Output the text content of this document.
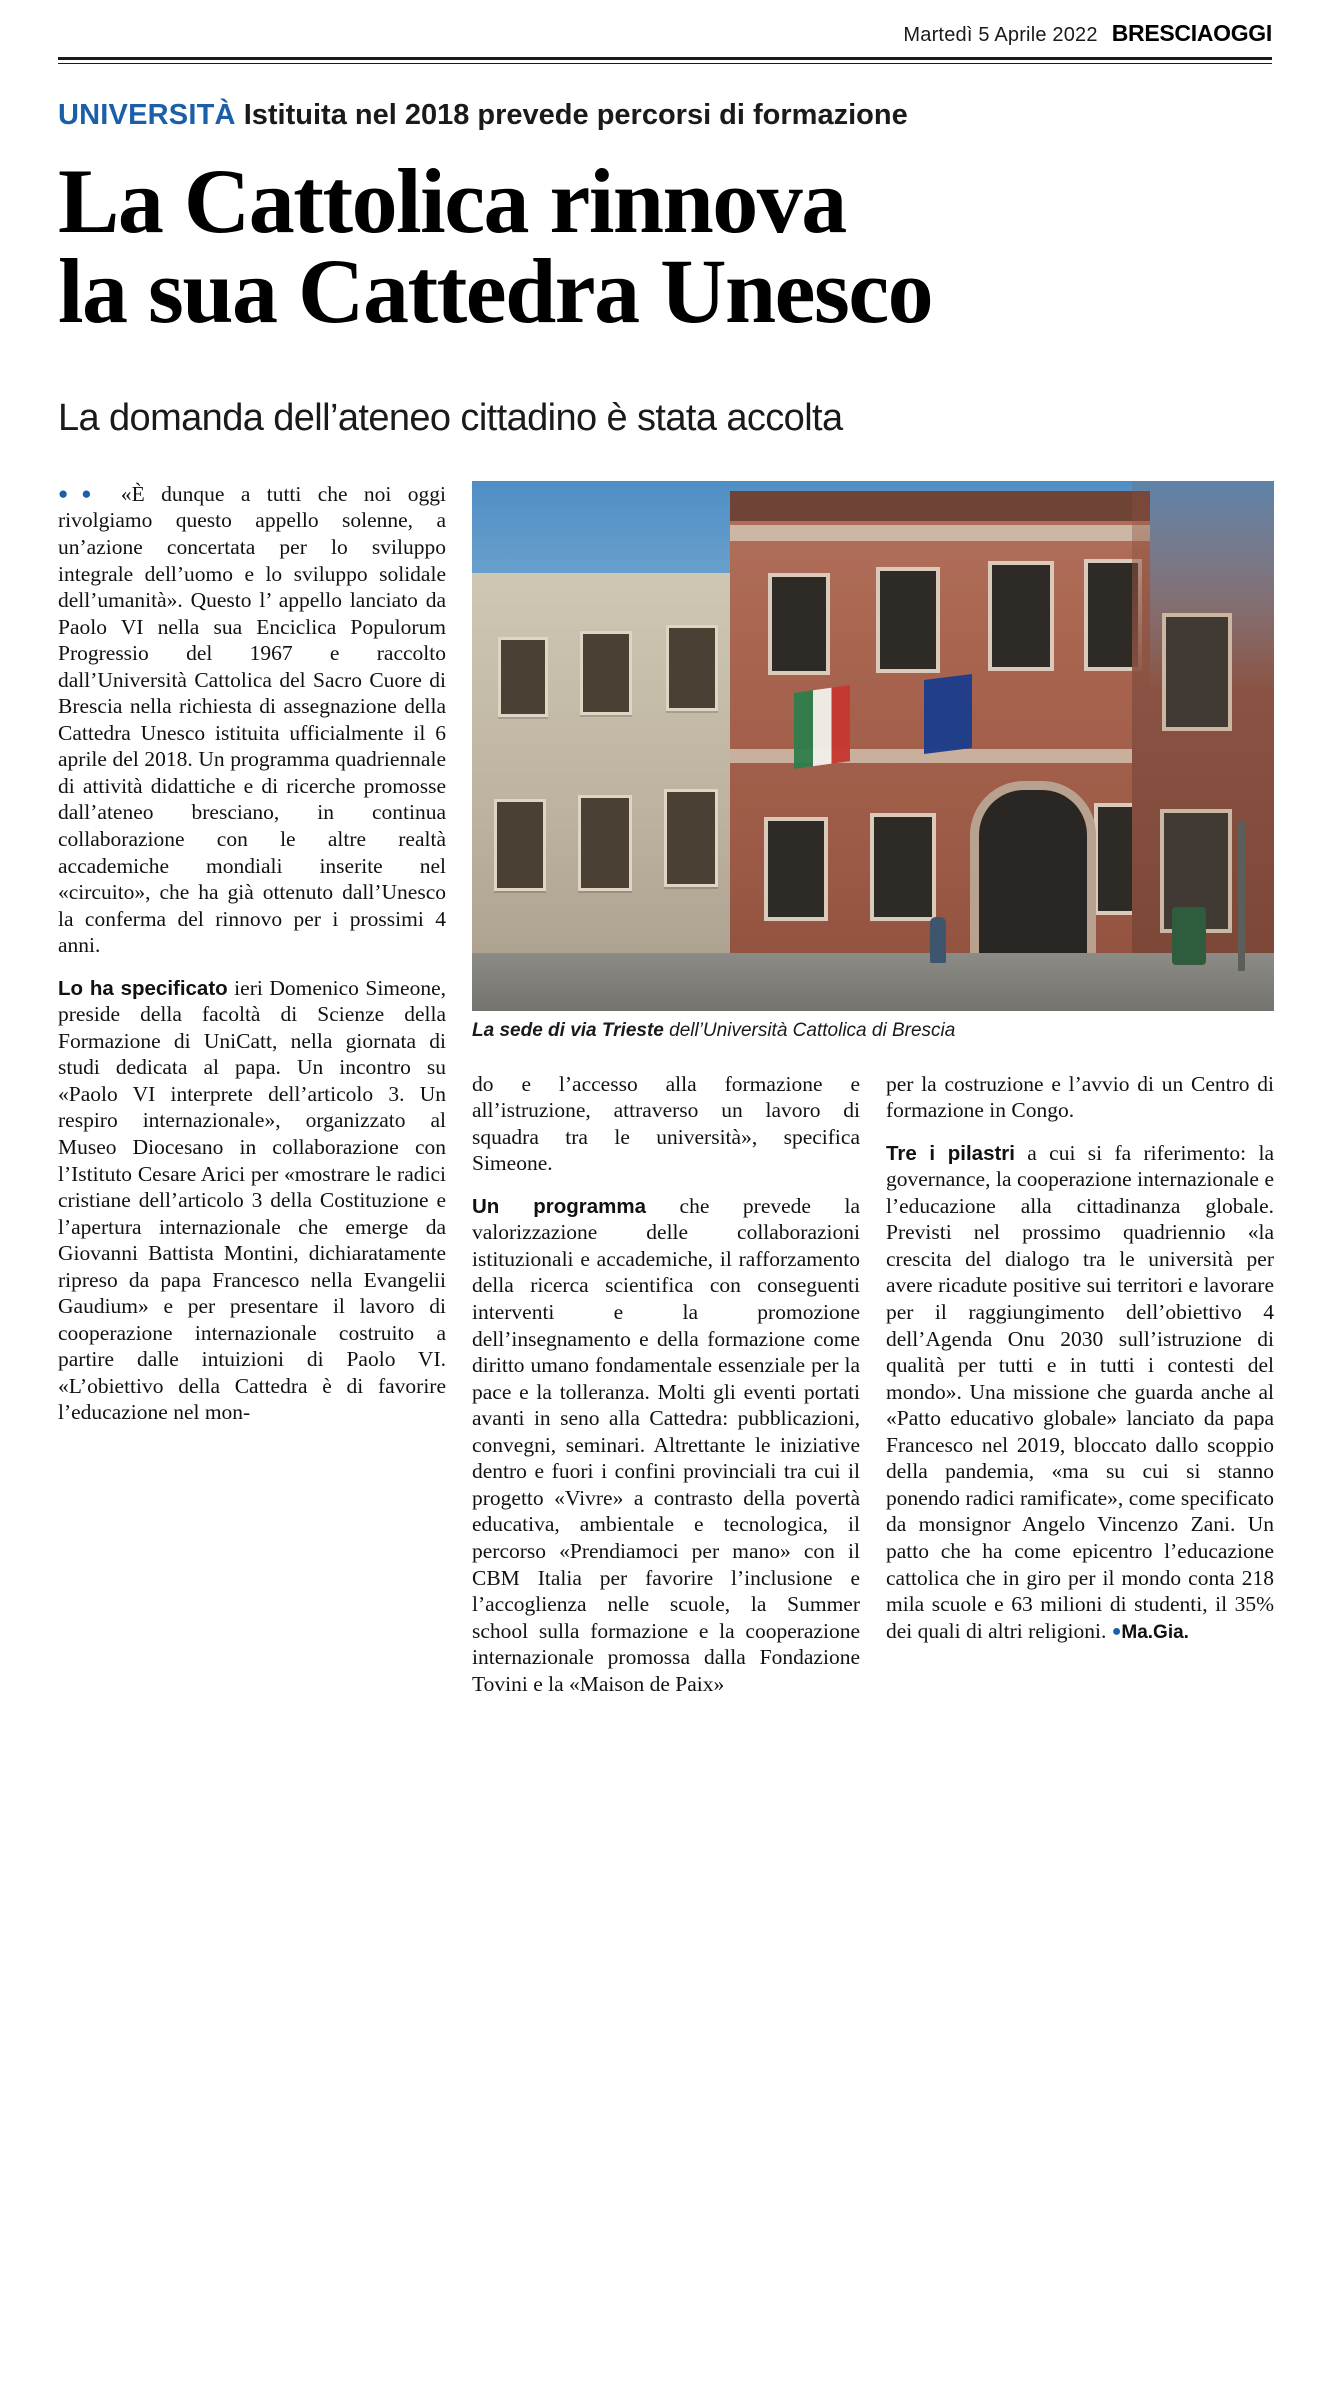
Martedì 5 Aprile 2022 BRESCIAOGGI
UNIVERSITÀ Istituita nel 2018 prevede percorsi di formazione
La Cattolica rinnova
la sua Cattedra Unesco
La domanda dell’ateneo cittadino è stata accolta

●● «È dunque a tutti che noi oggi rivolgiamo questo appello solenne, a un’azione concertata per lo sviluppo integrale dell’uomo e lo sviluppo solidale dell’umanità». Questo l’ appello lanciato da Paolo VI nella sua Enciclica Populorum Progressio del 1967 e raccolto dall’Università Cattolica del Sacro Cuore di Brescia nella richiesta di assegnazione della Cattedra Unesco istituita ufficialmente il 6 aprile del 2018. Un programma quadriennale di attività didattiche e di ricerche promosse dall’ateneo bresciano, in continua collaborazione con le altre realtà accademiche mondiali inserite nel «circuito», che ha già ottenuto dall’Unesco la conferma del rinnovo per i prossimi 4 anni.

Lo ha specificato ieri Domenico Simeone, preside della facoltà di Scienze della Formazione di UniCatt, nella giornata di studi dedicata al papa. Un incontro su «Paolo VI interprete dell’articolo 3. Un respiro internazionale», organizzato al Museo Diocesano in collaborazione con l’Istituto Cesare Arici per «mostrare le radici cristiane dell’articolo 3 della Costituzione e l’apertura internazionale che emerge da Giovanni Battista Montini, dichiaratamente ripreso da papa Francesco nella Evangelii Gaudium» e per presentare il lavoro di cooperazione internazionale costruito a partire dalle intuizioni di Paolo VI. «L’obiettivo della Cattedra è di favorire l’educazione nel mon-

La sede di via Trieste dell’Università Cattolica di Brescia

do e l’accesso alla formazione e all’istruzione, attraverso un lavoro di squadra tra le università», specifica Simeone.

Un programma che prevede la valorizzazione delle collaborazioni istituzionali e accademiche, il rafforzamento della ricerca scientifica con conseguenti interventi e la promozione dell’insegnamento e della formazione come diritto umano fondamentale essenziale per la pace e la tolleranza. Molti gli eventi portati avanti in seno alla Cattedra: pubblicazioni, convegni, seminari. Altrettante le iniziative dentro e fuori i confini provinciali tra cui il progetto «Vivre» a contrasto della povertà educativa, ambientale e tecnologica, il percorso «Prendiamoci per mano» con il CBM Italia per favorire l’inclusione e l’accoglienza nelle scuole, la Summer school sulla formazione e la cooperazione internazionale promossa dalla Fondazione Tovini e la «Maison de Paix»

per la costruzione e l’avvio di un Centro di formazione in Congo.

Tre i pilastri a cui si fa riferimento: la governance, la cooperazione internazionale e l’educazione alla cittadinanza globale. Previsti nel prossimo quadriennio «la crescita del dialogo tra le università per avere ricadute positive sui territori e lavorare per il raggiungimento dell’obiettivo 4 dell’Agenda Onu 2030 sull’istruzione di qualità per tutti e in tutti i contesti del mondo». Una missione che guarda anche al «Patto educativo globale» lanciato da papa Francesco nel 2019, bloccato dallo scoppio della pandemia, «ma su cui si stanno ponendo radici ramificate», come specificato da monsignor Angelo Vincenzo Zani. Un patto che ha come epicentro l’educazione cattolica che in giro per il mondo conta 218 mila scuole e 63 milioni di studenti, il 35% dei quali di altri religioni. ●Ma.Gia.
